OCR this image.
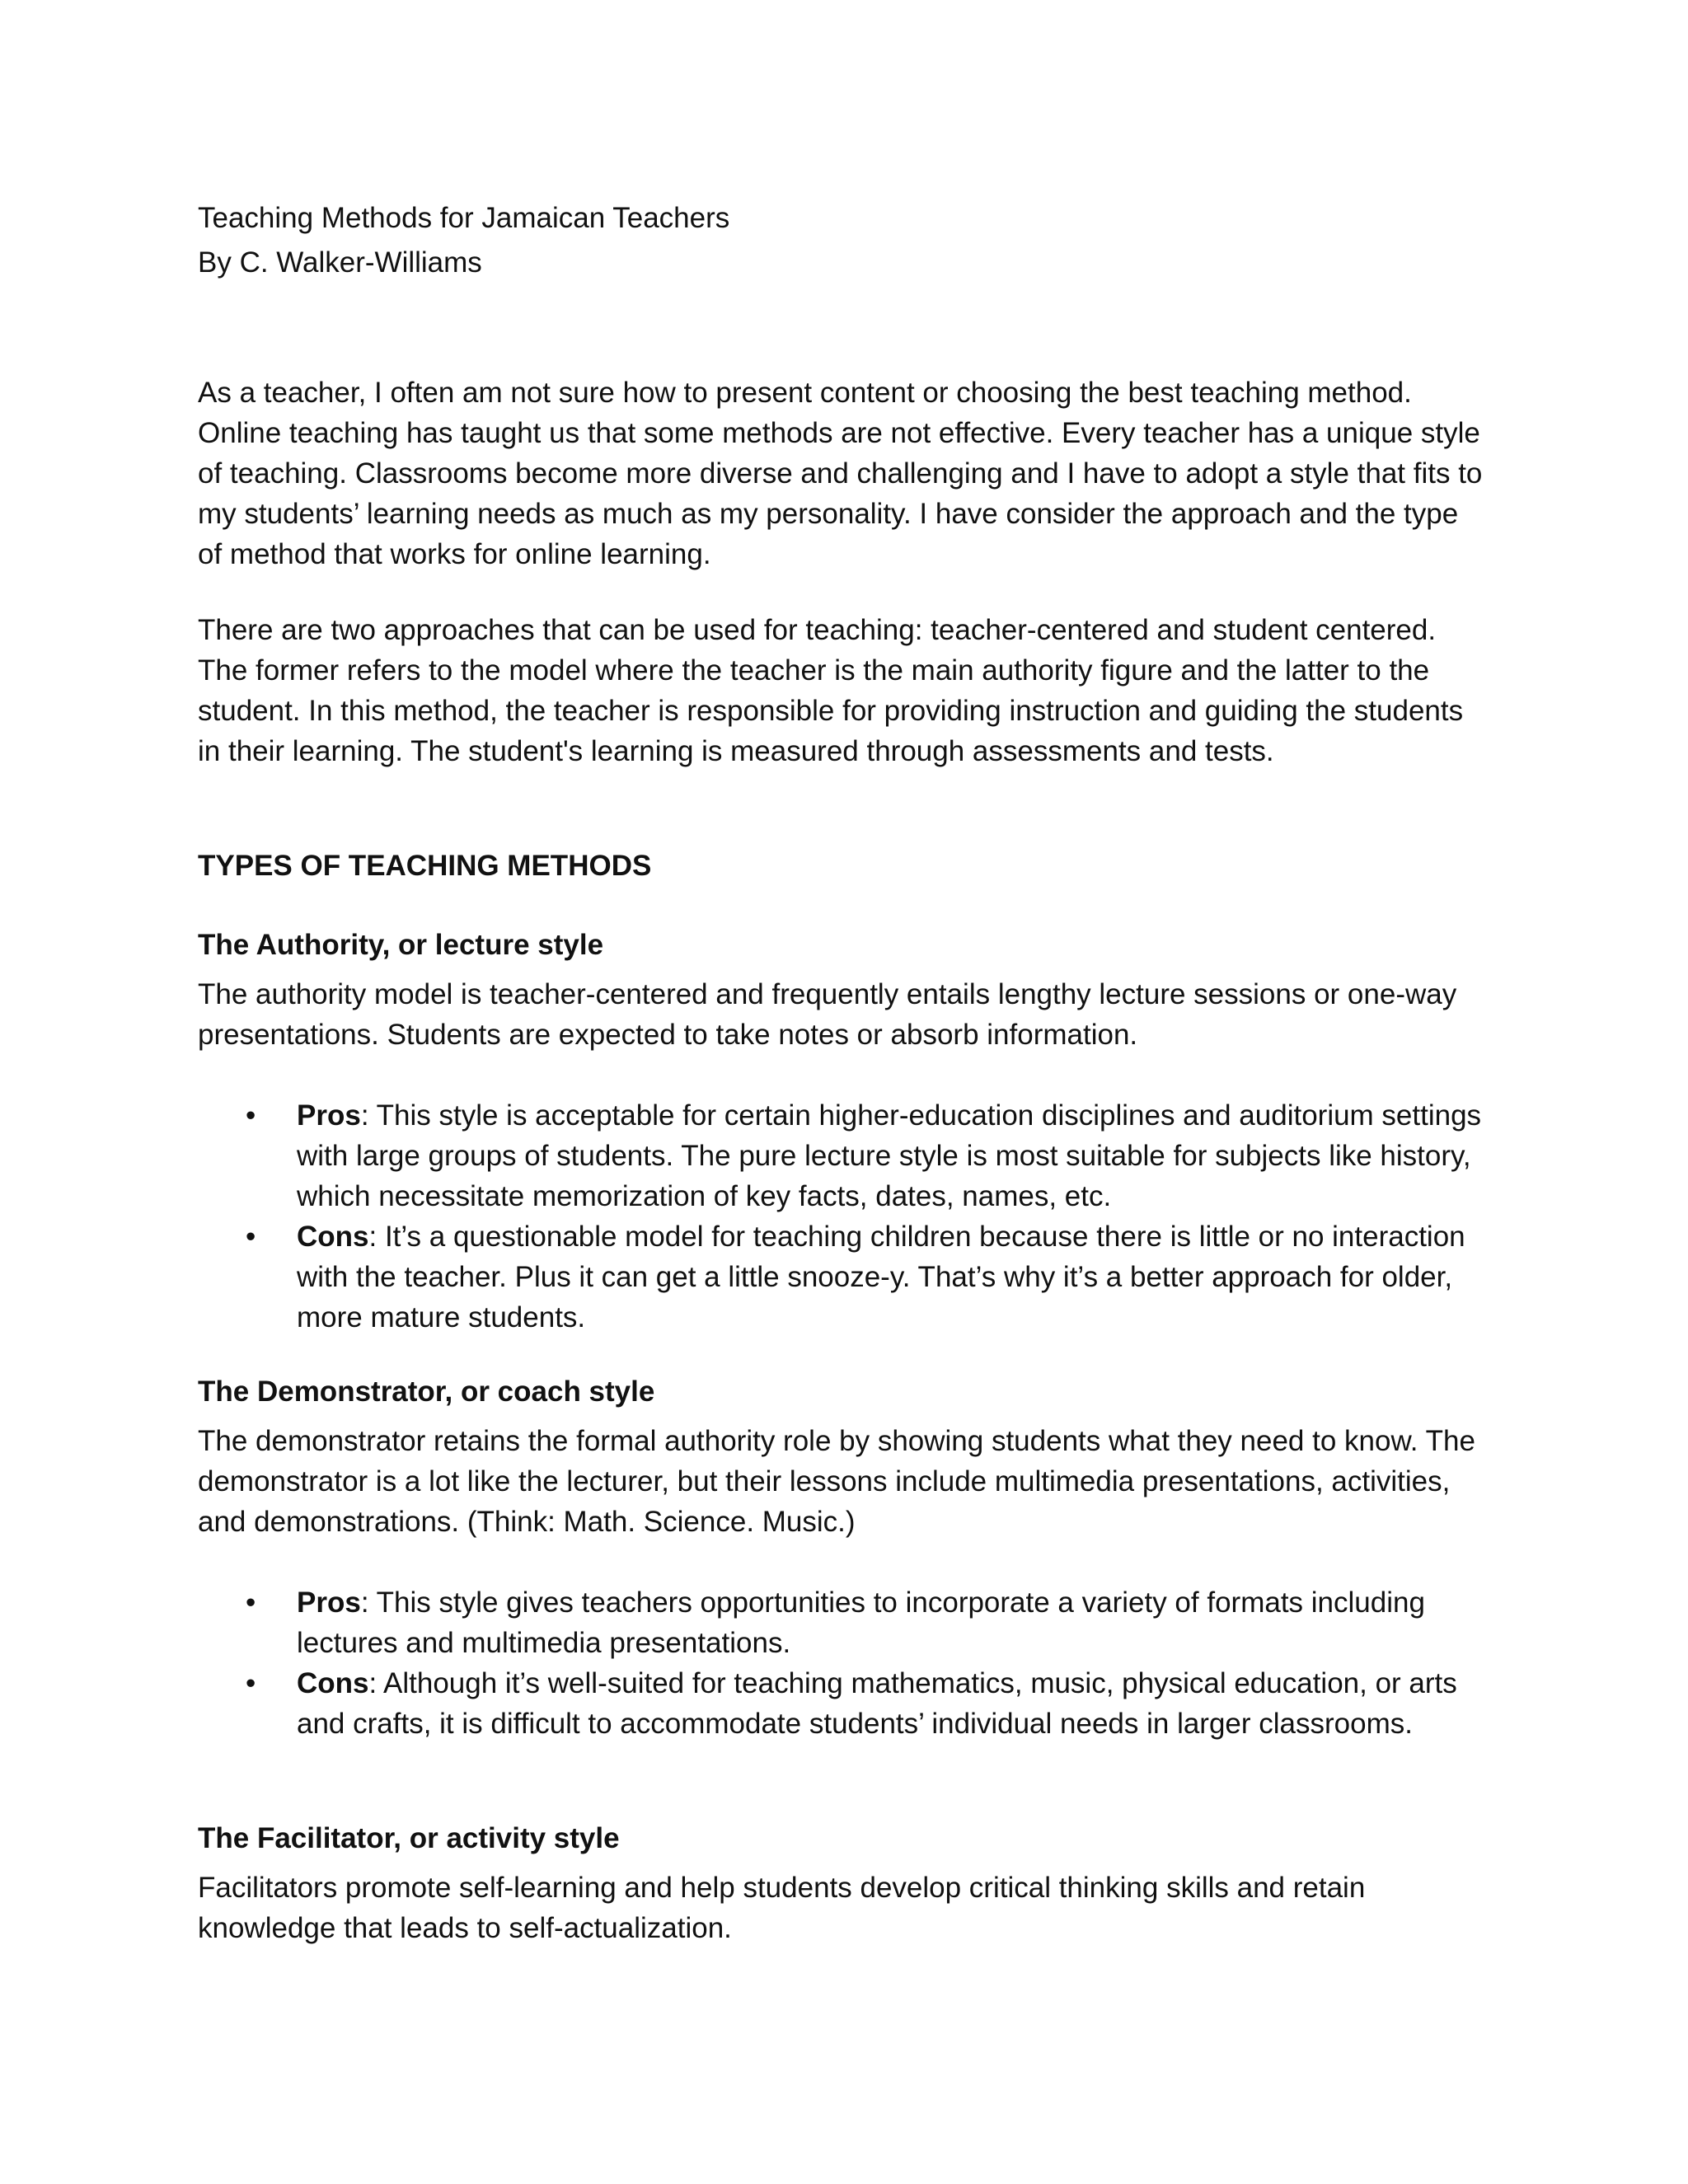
Teaching Methods for Jamaican Teachers
By C. Walker-Williams

As a teacher, I often am not sure how to present content or choosing the best teaching method. Online teaching has taught us that some methods are not effective. Every teacher has a unique style of teaching. Classrooms become more diverse and challenging and I have to adopt a style that fits to my students’ learning needs as much as my personality. I have consider the approach and the type of method that works for online learning.

There are two approaches that can be used for teaching: teacher-centered and student centered. The former refers to the model where the teacher is the main authority figure and the latter to the student. In this method, the teacher is responsible for providing instruction and guiding the students in their learning. The student's learning is measured through assessments and tests.

TYPES OF TEACHING METHODS

The Authority, or lecture style

The authority model is teacher-centered and frequently entails lengthy lecture sessions or one-way presentations. Students are expected to take notes or absorb information.

• Pros: This style is acceptable for certain higher-education disciplines and auditorium settings with large groups of students. The pure lecture style is most suitable for subjects like history, which necessitate memorization of key facts, dates, names, etc.
• Cons: It’s a questionable model for teaching children because there is little or no interaction with the teacher. Plus it can get a little snooze-y. That’s why it’s a better approach for older, more mature students.

The Demonstrator, or coach style

The demonstrator retains the formal authority role by showing students what they need to know. The demonstrator is a lot like the lecturer, but their lessons include multimedia presentations, activities, and demonstrations. (Think: Math. Science. Music.)

• Pros: This style gives teachers opportunities to incorporate a variety of formats including lectures and multimedia presentations.
• Cons: Although it’s well-suited for teaching mathematics, music, physical education, or arts and crafts, it is difficult to accommodate students’ individual needs in larger classrooms.

The Facilitator, or activity style

Facilitators promote self-learning and help students develop critical thinking skills and retain knowledge that leads to self-actualization.
